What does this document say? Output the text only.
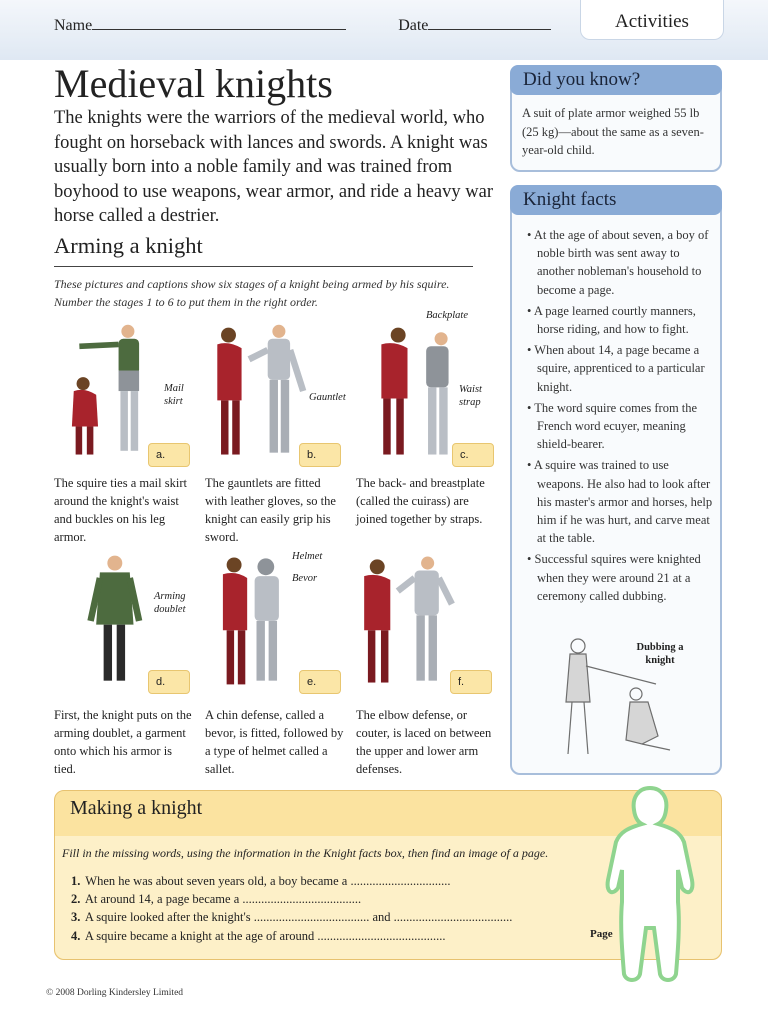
Name	Date	Activities
Medieval knights

The knights were the warriors of the medieval world, who fought on horseback with lances and swords. A knight was usually born into a noble family and was trained from boyhood to use weapons, wear armor, and ride a heavy war horse called a destrier.

Arming a knight

These pictures and captions show six stages of a knight being armed by his squire. Number the stages 1 to 6 to put them in the right order.

a.
Mail skirt
The squire ties a mail skirt around the knight's waist and buckles on his leg armor.
b.
Gauntlet
The gauntlets are fitted with leather gloves, so the knight can easily grip his sword.
c.
Backplate
Waist strap
The back- and breastplate (called the cuirass) are joined together by straps.
d.
Arming doublet
First, the knight puts on the arming doublet, a garment onto which his armor is tied.
e.
Helmet
Bevor
A chin defense, called a bevor, is fitted, followed by a type of helmet called a sallet.
f.
The elbow defense, or couter, is laced on between the upper and lower arm defenses.
Did you know?

A suit of plate armor weighed 55 lb (25 kg)—about the same as a seven-year-old child.

Knight facts
• At the age of about seven, a boy of noble birth was sent away to another nobleman's household to become a page.
• A page learned courtly manners, horse riding, and how to fight.
• When about 14, a page became a squire, apprenticed to a particular knight.
• The word squire comes from the French word ecuyer, meaning shield-bearer.
• A squire was trained to use weapons. He also had to look after his master's armor and horses, help him if he was hurt, and carve meat at the table.
• Successful squires were knighted when they were around 21 at a ceremony called dubbing.
Dubbing a knight
Making a knight

Fill in the missing words, using the information in the Knight facts box, then find an image of a page.

1. When he was about seven years old, a boy became a ................................
2. At around 14, a page became a ......................................
3. A squire looked after the knight's ..................................... and ......................................
4. A squire became a knight at the age of around .........................................	Page
© 2008 Dorling Kindersley Limited
